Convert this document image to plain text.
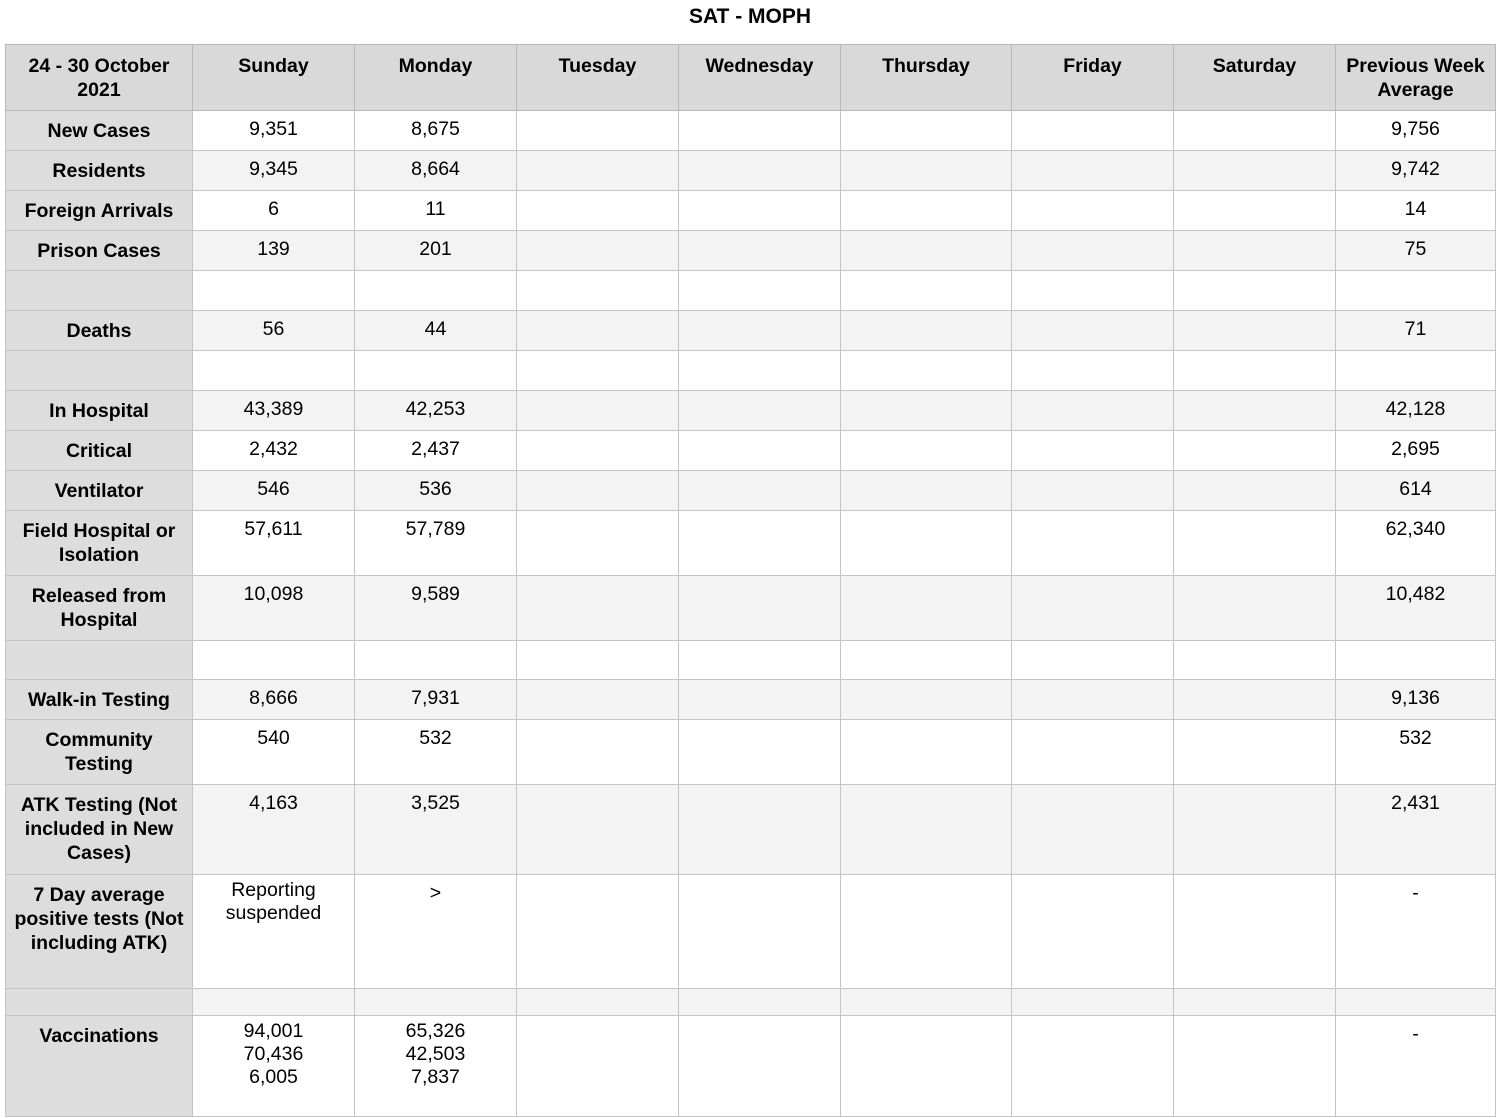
SAT - MOPH
24 - 30 October 2021	Sunday	Monday	Tuesday	Wednesday	Thursday	Friday	Saturday	Previous Week Average
New Cases	9,351	8,675						9,756
Residents	9,345	8,664						9,742
Foreign Arrivals	6	11						14
Prison Cases	139	201						75

Deaths	56	44						71

In Hospital	43,389	42,253						42,128
Critical	2,432	2,437						2,695
Ventilator	546	536						614
Field Hospital or Isolation	57,611	57,789						62,340
Released from Hospital	10,098	9,589						10,482

Walk-in Testing	8,666	7,931						9,136
Community Testing	540	532						532
ATK Testing (Not included in New Cases)	4,163	3,525						2,431
7 Day average positive tests (Not including ATK)	Reporting
suspended	>						-

Vaccinations	94,001
70,436
6,005	65,326
42,503
7,837						-
